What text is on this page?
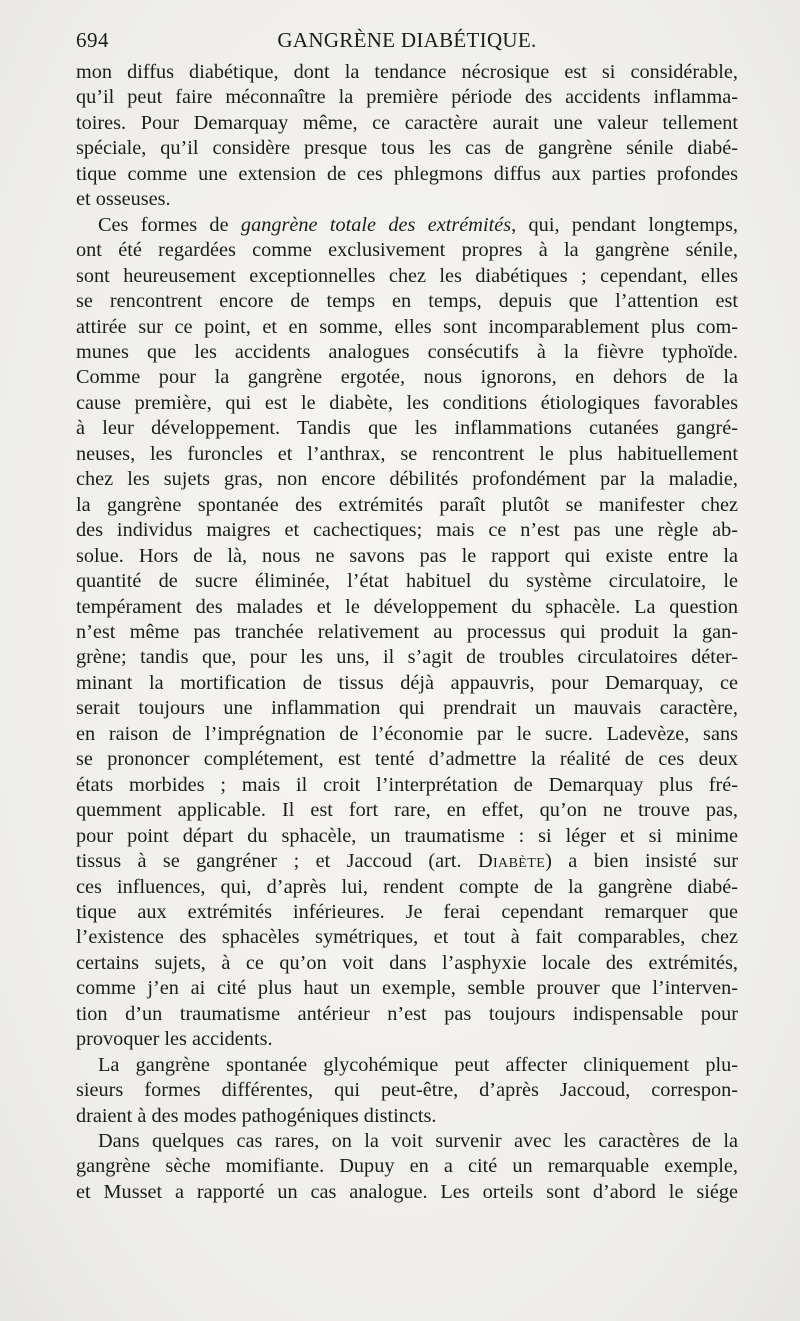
694	GANGRÈNE DIABÉTIQUE.

mon diffus diabétique, dont la tendance nécrosique est si considérable,
qu’il peut faire méconnaître la première période des accidents inflamma-
toires. Pour Demarquay même, ce caractère aurait une valeur tellement
spéciale, qu’il considère presque tous les cas de gangrène sénile diabé-
tique comme une extension de ces phlegmons diffus aux parties profondes
et osseuses.

Ces formes de gangrène totale des extrémités, qui, pendant longtemps,
ont été regardées comme exclusivement propres à la gangrène sénile,
sont heureusement exceptionnelles chez les diabétiques ; cependant, elles
se rencontrent encore de temps en temps, depuis que l’attention est
attirée sur ce point, et en somme, elles sont incomparablement plus com-
munes que les accidents analogues consécutifs à la fièvre typhoïde.
Comme pour la gangrène ergotée, nous ignorons, en dehors de la
cause première, qui est le diabète, les conditions étiologiques favorables
à leur développement. Tandis que les inflammations cutanées gangré-
neuses, les furoncles et l’anthrax, se rencontrent le plus habituellement
chez les sujets gras, non encore débilités profondément par la maladie,
la gangrène spontanée des extrémités paraît plutôt se manifester chez
des individus maigres et cachectiques; mais ce n’est pas une règle ab-
solue. Hors de là, nous ne savons pas le rapport qui existe entre la
quantité de sucre éliminée, l’état habituel du système circulatoire, le
tempérament des malades et le développement du sphacèle. La question
n’est même pas tranchée relativement au processus qui produit la gan-
grène; tandis que, pour les uns, il s’agit de troubles circulatoires déter-
minant la mortification de tissus déjà appauvris, pour Demarquay, ce
serait toujours une inflammation qui prendrait un mauvais caractère,
en raison de l’imprégnation de l’économie par le sucre. Ladevèze, sans
se prononcer complétement, est tenté d’admettre la réalité de ces deux
états morbides ; mais il croit l’interprétation de Demarquay plus fré-
quemment applicable. Il est fort rare, en effet, qu’on ne trouve pas,
pour point départ du sphacèle, un traumatisme : si léger et si minime
tissus à se gangréner ; et Jaccoud (art. Diabète) a bien insisté sur
ces influences, qui, d’après lui, rendent compte de la gangrène diabé-
tique aux extrémités inférieures. Je ferai cependant remarquer que
l’existence des sphacèles symétriques, et tout à fait comparables, chez
certains sujets, à ce qu’on voit dans l’asphyxie locale des extrémités,
comme j’en ai cité plus haut un exemple, semble prouver que l’interven-
tion d’un traumatisme antérieur n’est pas toujours indispensable pour
provoquer les accidents.

La gangrène spontanée glycohémique peut affecter cliniquement plu-
sieurs formes différentes, qui peut-être, d’après Jaccoud, correspon-
draient à des modes pathogéniques distincts.

Dans quelques cas rares, on la voit survenir avec les caractères de la
gangrène sèche momifiante. Dupuy en a cité un remarquable exemple,
et Musset a rapporté un cas analogue. Les orteils sont d’abord le siége
